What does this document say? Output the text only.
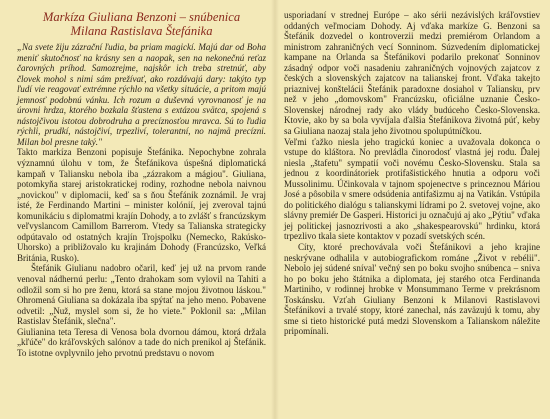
Markíza Giuliana Benzoni – snúbenica
Milana Rastislava Štefánika

„Na svete žiju zázrační ľudia, ba priam magickí. Majú dar od Boha meniť skutočnosť na krásny sen a naopak, sen na nekonečnú reťaz čarovných príhod. Samozrejme, najskôr ich treba stretnúť, aby človek mohol s nimi sám prežívať, ako rozdávajú dary: takýto typ ľudí vie reagovať extrémne rýchlo na všetky situácie, a pritom majú jemnosť podobnú vánku. Ich rozum a duševná vyrovnanosť je na úrovni hrdza, ktorého bozkala šťastena s extázou svätca, spojená s nástojčivou istotou dobrodruha a precíznosťou mravca. Sú to ľudia rýchli, prudkí, nástojčiví, trpezliví, tolerantní, no najmä precízni. Milan bol presne taký."

Takto markíza Benzoni popisuje Štefánika. Nepochybne zohrala významnú úlohu v tom, že Štefánikova úspešná diplomatická kampaň v Taliansku nebola iba „zázrakom a mágiou". Giuliana, potomkyňa starej aristokratickej rodiny, rozhodne nebola naivnou „novickou" v diplomacii, keď sa s ňou Štefánik zoznámil. Je vraj isté, že Ferdinando Martini – minister kolónií, jej zveroval tajnú komunikáciu s diplomatmi krajín Dohody, a to zvlášť s francúzskym veľvyslancom Camillom Barrerom. Vtedy sa Talianska strategicky odpútavalo od ostatných krajín Trojspolku (Nemecko, Rakúsko-Uhorsko) a približovalo ku krajinám Dohody (Francúzsko, Veľká Británia, Rusko).

Štefánik Giulianu nadobro očaril, keď jej už na prvom rande venoval nádhernú perlu: „Tento drahokam som vylovil na Tahiti a odložil som si ho pre ženu, ktorá sa stane mojou životnou láskou." Ohromená Giuliana sa dokázala iba spýtať na jeho meno. Pobavene odvetil: „Nuž, myslel som si, že ho viete." Poklonil sa: „Milan Rastislav Štefánik, slečna".

Giulianina teta Teresa di Venosa bola dvornou dámou, ktorá držala „kľúče" do kráľovských salónov a tade do nich prenikol aj Štefánik. To istotne ovplyvnilo jeho prvotnú predstavu o novom

usporiadaní v strednej Európe – ako sérii nezávislých kráľovstiev oddaných veľmociam Dohody. Aj vďaka markíze G. Benzoni sa Štefánik dozvedel o kontroverzii medzi premiérom Orlandom a ministrom zahraničných vecí Sonninom. Súzvedením diplomatickej kampane na Orlanda sa Štefánikovi podarilo prekonať Sonninov zásadný odpor voči nasadeniu zahraničných vojnových zajatcov z českých a slovenských zajatcov na talianskej front. Vďaka takejto priaznivej konštelácii Štefánik paradoxne dosiahol v Taliansku, prv než v jeho „domovskom" Francúzsku, oficiálne uznanie Česko-Slovenskej národnej rady ako vlády budúceho Česko-Slovenska. Ktovie, ako by sa bola vyvíjala ďalšia Štefánikova životná púť, keby sa Giuliana naozaj stala jeho životnou spolupútníčkou.

Veľmi ťažko niesla jeho tragickú koniec a uvažovala dokonca o vstupe do kláštora. No prevládla činorodosť vlastná jej rodu. Ďalej niesla „štafetu" sympatií voči novému Česko-Slovensku. Stala sa jednou z koordinátoriek protifašistického hnutia a odporu voči Mussolinimu. Účinkovala v tajnom spojenectve s princeznou Máriou José a pôsobila v smere odsúdenia antifašizmu aj na Vatikán. Vstúpila do politického dialógu s talianskymi lídrami po 2. svetovej vojne, ako slávny premiér De Gasperi. Historici ju označujú aj ako „Pýtiu" vďaka jej politickej jasnozrivosti a ako „shakespearovskú" hrdinku, ktorá trpezlivo tkala siete kontaktov v pozadí svetských scén.

Cíty, ktoré prechovávala voči Štefánikovi a jeho krajine neskrývane odhalila v autobiografickom románe „Život v rebélii". Nebolo jej súdené sníval' večný sen po boku svojho snúbenca – sniva ho po boku jeho štátnika a diplomata, jej starého otca Ferdinanda Martiniho, v rodinnej hrobke v Monsummano Terme v prekrásnom Toskánsku. Vzťah Giuliany Benzoni k Milanovi Rastislavovi Štefánikovi a trvalé stopy, ktoré zanechal, nás zaväzujú k tomu, aby sme si tieto historické putá medzi Slovenskom a Talianskom náležite pripomínali.
